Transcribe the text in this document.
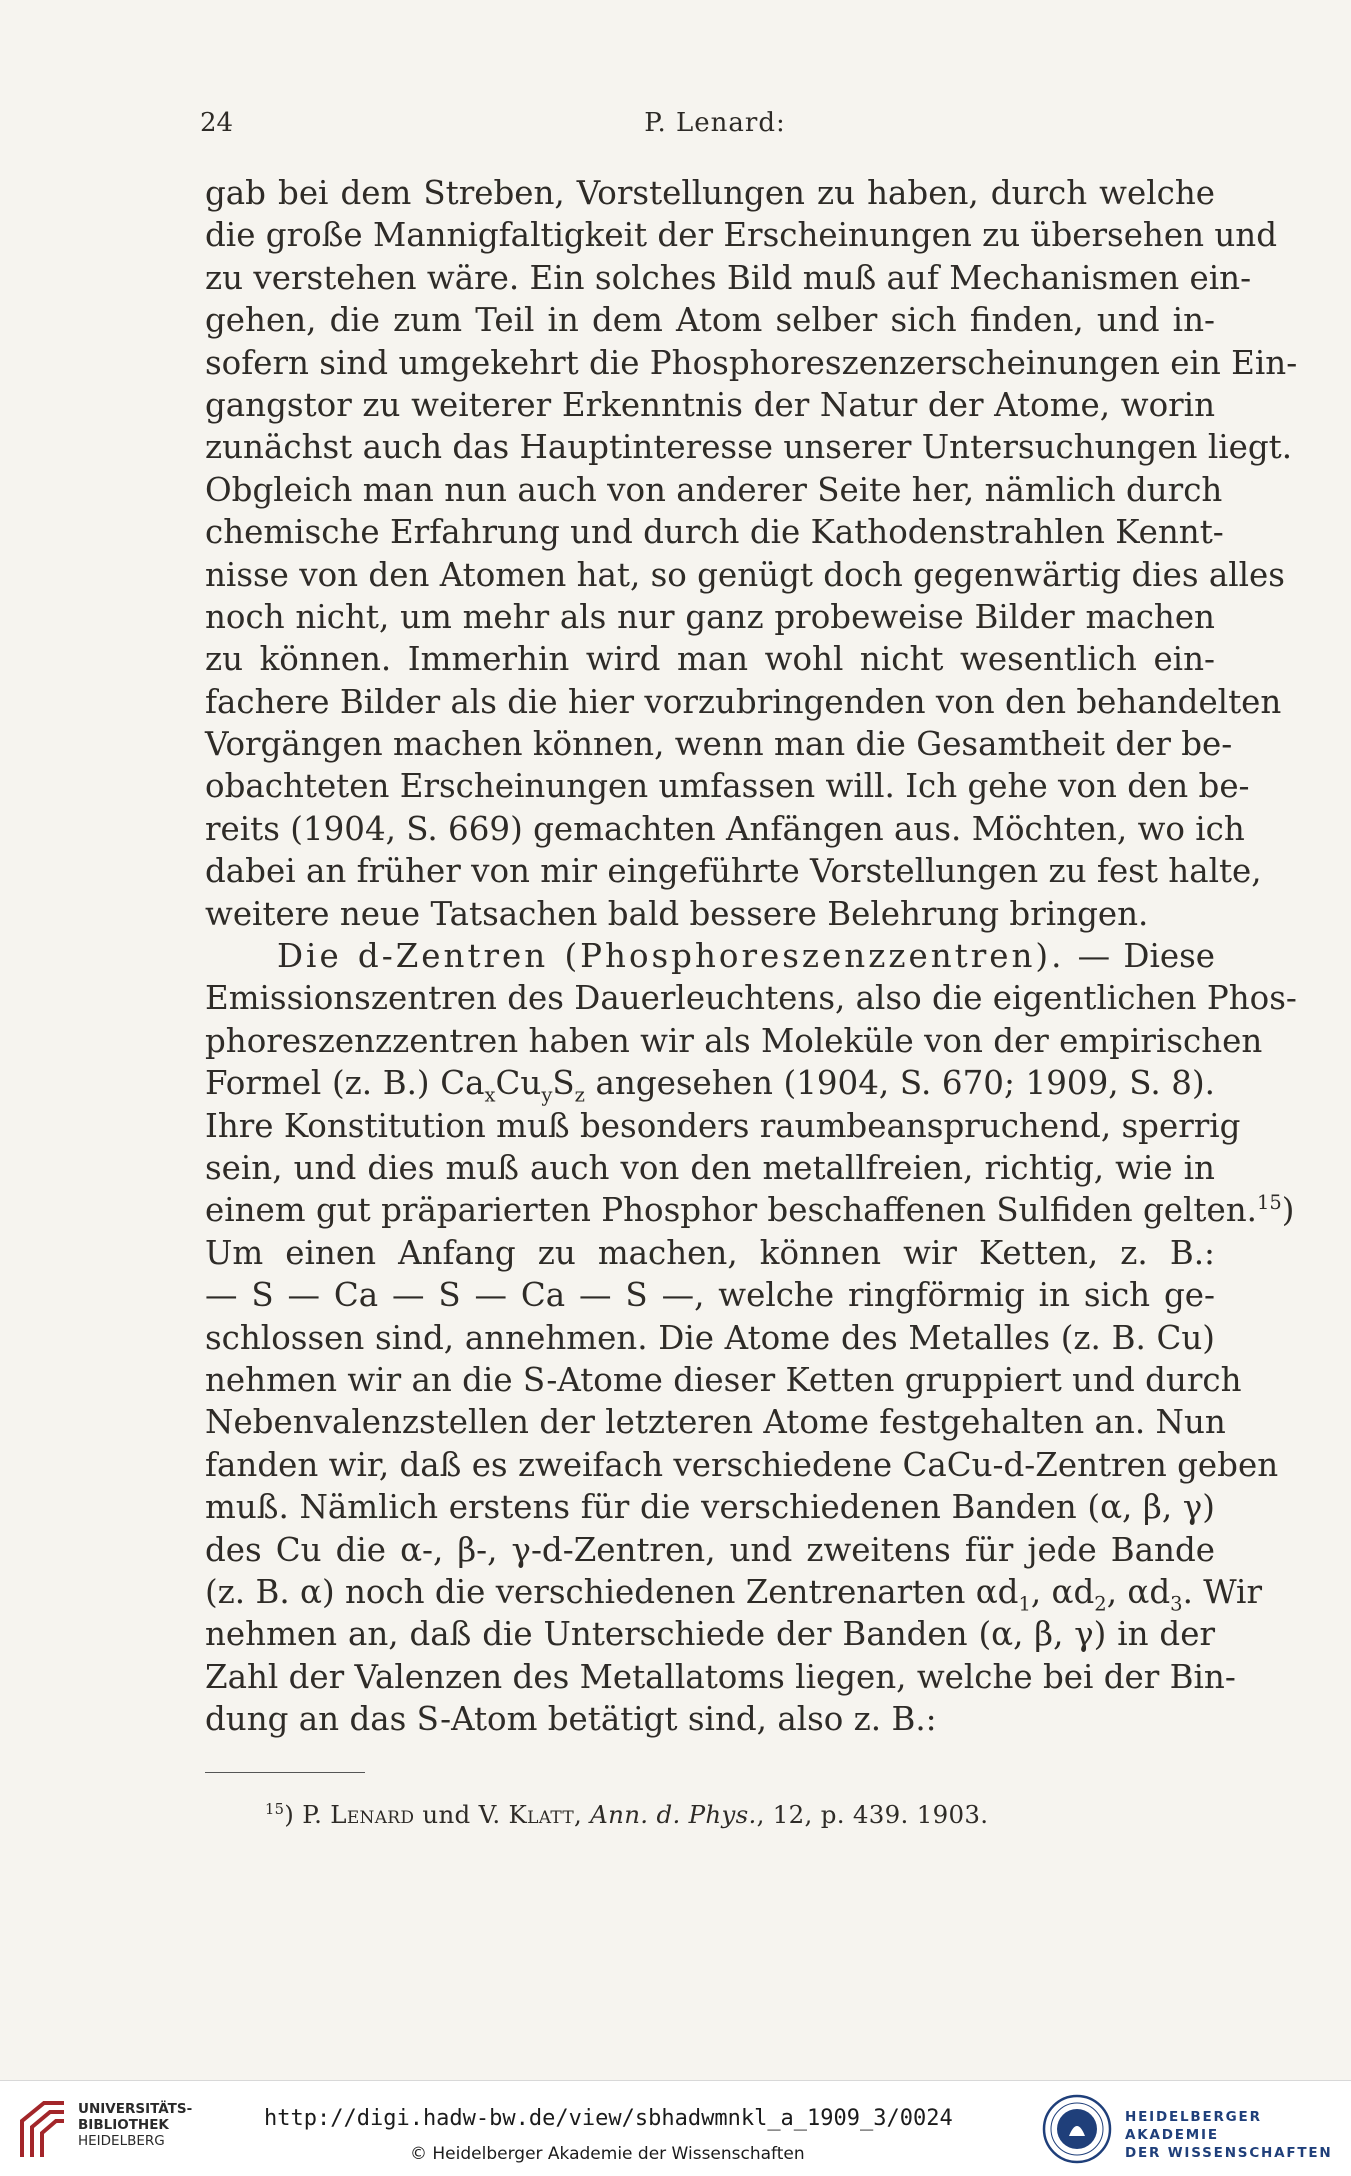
24	P. Lenard:
gab bei dem Streben, Vorstellungen zu haben, durch welche
die große Mannigfaltigkeit der Erscheinungen zu übersehen und
zu verstehen wäre. Ein solches Bild muß auf Mechanismen ein-
gehen, die zum Teil in dem Atom selber sich finden, und in-
sofern sind umgekehrt die Phosphoreszenzerscheinungen ein Ein-
gangstor zu weiterer Erkenntnis der Natur der Atome, worin
zunächst auch das Hauptinteresse unserer Untersuchungen liegt.
Obgleich man nun auch von anderer Seite her, nämlich durch
chemische Erfahrung und durch die Kathodenstrahlen Kennt-
nisse von den Atomen hat, so genügt doch gegenwärtig dies alles
noch nicht, um mehr als nur ganz probeweise Bilder machen
zu können. Immerhin wird man wohl nicht wesentlich ein-
fachere Bilder als die hier vorzubringenden von den behandelten
Vorgängen machen können, wenn man die Gesamtheit der be-
obachteten Erscheinungen umfassen will. Ich gehe von den be-
reits (1904, S. 669) gemachten Anfängen aus. Möchten, wo ich
dabei an früher von mir eingeführte Vorstellungen zu fest halte,
weitere neue Tatsachen bald bessere Belehrung bringen.
Die d-Zentren (Phosphoreszenzzentren). — Diese
Emissionszentren des Dauerleuchtens, also die eigentlichen Phos-
phoreszenzzentren haben wir als Moleküle von der empirischen
Formel (z. B.) $Ca_xCu_yS_z$ angesehen (1904, S. 670; 1909, S. 8).
Ihre Konstitution muß besonders raumbeanspruchend, sperrig
sein, und dies muß auch von den metallfreien, richtig, wie in
einem gut präparierten Phosphor beschaffenen Sulfiden gelten.$^{15}$)
Um einen Anfang zu machen, können wir Ketten, z. B.:
— S — Ca — S — Ca — S —, welche ringförmig in sich ge-
schlossen sind, annehmen. Die Atome des Metalles (z. B. Cu)
nehmen wir an die S-Atome dieser Ketten gruppiert und durch
Nebenvalenzstellen der letzteren Atome festgehalten an. Nun
fanden wir, daß es zweifach verschiedene CaCu-d-Zentren geben
muß. Nämlich erstens für die verschiedenen Banden (α, β, γ)
des Cu die α-, β-, γ-d-Zentren, und zweitens für jede Bande
(z. B. α) noch die verschiedenen Zentrenarten $\alpha d_1$, $\alpha d_2$, $\alpha d_3$. Wir
nehmen an, daß die Unterschiede der Banden (α, β, γ) in der
Zahl der Valenzen des Metallatoms liegen, welche bei der Bin-
dung an das S-Atom betätigt sind, also z. B.:
$^{15}$) P. Lenard und V. Klatt, Ann. d. Phys., 12, p. 439. 1903.
UNIVERSITÄTS-
BIBLIOTHEK
HEIDELBERG
http://digi.hadw-bw.de/view/sbhadwmnkl_a_1909_3/0024
© Heidelberger Akademie der Wissenschaften
HEIDELBERGER AKADEMIE
DER WISSENSCHAFTEN
